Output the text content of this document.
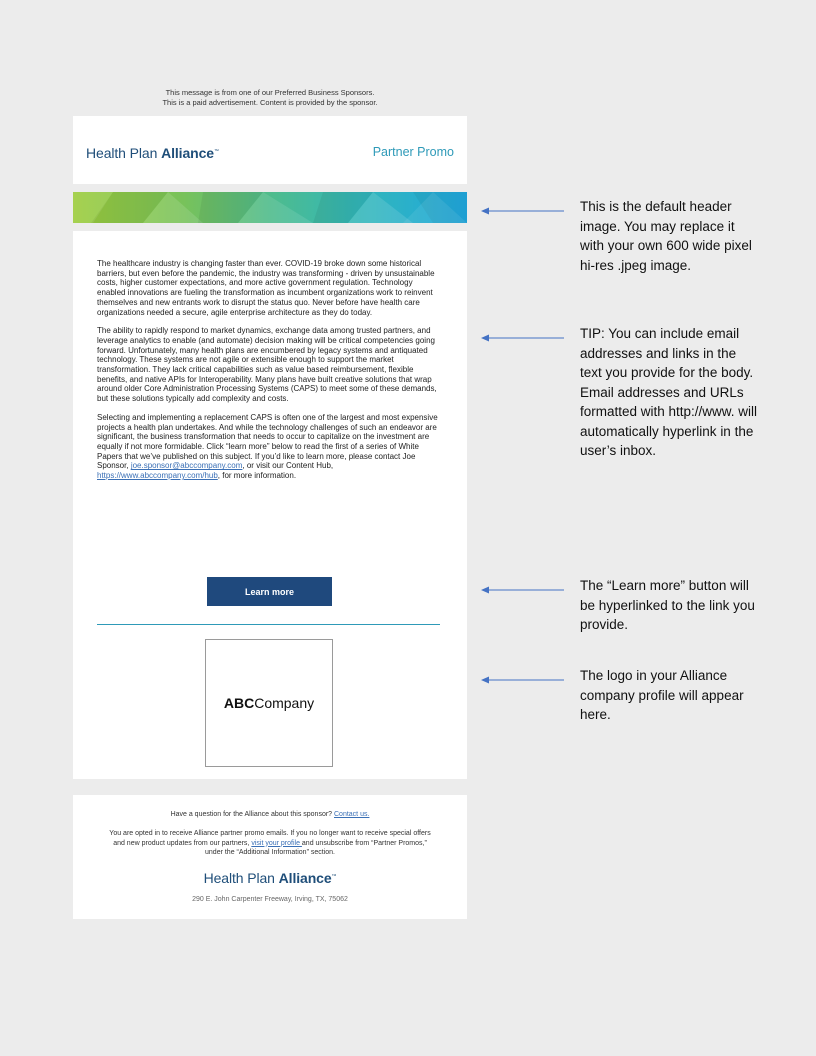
This message is from one of our Preferred Business Sponsors.
This is a paid advertisement. Content is provided by the sponsor.
Health Plan Alliance™	Partner Promo

The healthcare industry is changing faster than ever. COVID-19 broke down some historical barriers, but even before the pandemic, the industry was transforming - driven by unsustainable costs, higher customer expectations, and more active government regulation. Technology enabled innovations are fueling the transformation as incumbent organizations work to reinvent themselves and new entrants work to disrupt the status quo. Never before have health care organizations needed a secure, agile enterprise architecture as they do today.

The ability to rapidly respond to market dynamics, exchange data among trusted partners, and leverage analytics to enable (and automate) decision making will be critical competencies going forward. Unfortunately, many health plans are encumbered by legacy systems and antiquated technology. These systems are not agile or extensible enough to support the market transformation. They lack critical capabilities such as value based reimbursement, flexible benefits, and native APIs for Interoperability. Many plans have built creative solutions that wrap around older Core Administration Processing Systems (CAPS) to meet some of these demands, but these solutions typically add complexity and costs.

Selecting and implementing a replacement CAPS is often one of the largest and most expensive projects a health plan undertakes. And while the technology challenges of such an endeavor are significant, the business transformation that needs to occur to capitalize on the investment are equally if not more formidable. Click “learn more” below to read the first of a series of White Papers that we’ve published on this subject. If you’d like to learn more, please contact Joe Sponsor, joe.sponsor@abccompany.com, or visit our Content Hub, https://www.abccompany.com/hub, for more information.

Learn more
ABC Company
Have a question for the Alliance about this sponsor? Contact us.
You are opted in to receive Alliance partner promo emails. If you no longer want to receive special offers and new product updates from our partners, visit your profile and unsubscribe from “Partner Promos,” under the “Additional Information” section.
Health Plan Alliance™
290 E. John Carpenter Freeway, Irving, TX, 75062
This is the default header image. You may replace it with your own 600 wide pixel hi-res .jpeg image.
TIP: You can include email addresses and links in the text you provide for the body. Email addresses and URLs formatted with http://www. will automatically hyperlink in the user’s inbox.
The “Learn more” button will be hyperlinked to the link you provide.
The logo in your Alliance company profile will appear here.
